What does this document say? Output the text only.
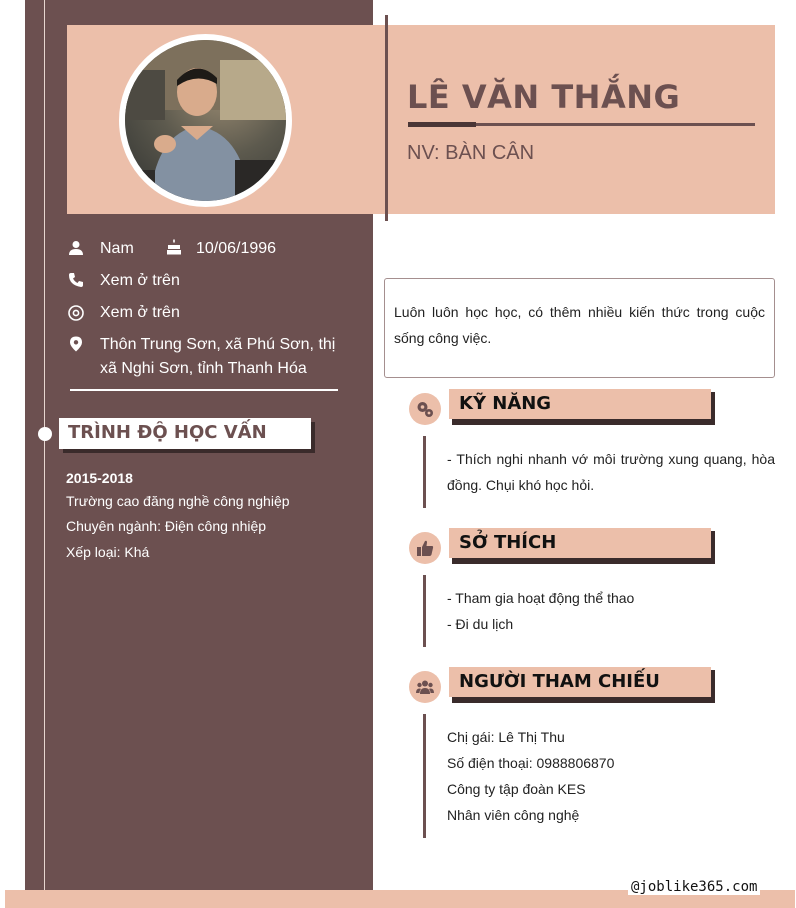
LÊ VĂN THẮNG
NV: BÀN CÂN
Nam	10/06/1996
Xem ở trên
Xem ở trên
Thôn Trung Sơn, xã Phú Sơn, thị
xã Nghi Sơn, tỉnh Thanh Hóa
TRÌNH ĐỘ HỌC VẤN
2015-2018
Trường cao đăng nghề công nghiệp
Chuyên ngành: Điện công nhiệp
Xếp loại: Khá
Luôn luôn học học, có thêm nhiều kiến thức trong cuộc sống công việc.
KỸ NĂNG
- Thích nghi nhanh vớ môi trường xung quang, hòa đồng. Chụi khó học hỏi.
SỞ THÍCH
- Tham gia hoạt động thể thao
- Đi du lịch
NGƯỜI THAM CHIẾU
Chị gái: Lê Thị Thu
Số điện thoại: 0988806870
Công ty tập đoàn KES
Nhân viên công nghệ
@joblike365.com
